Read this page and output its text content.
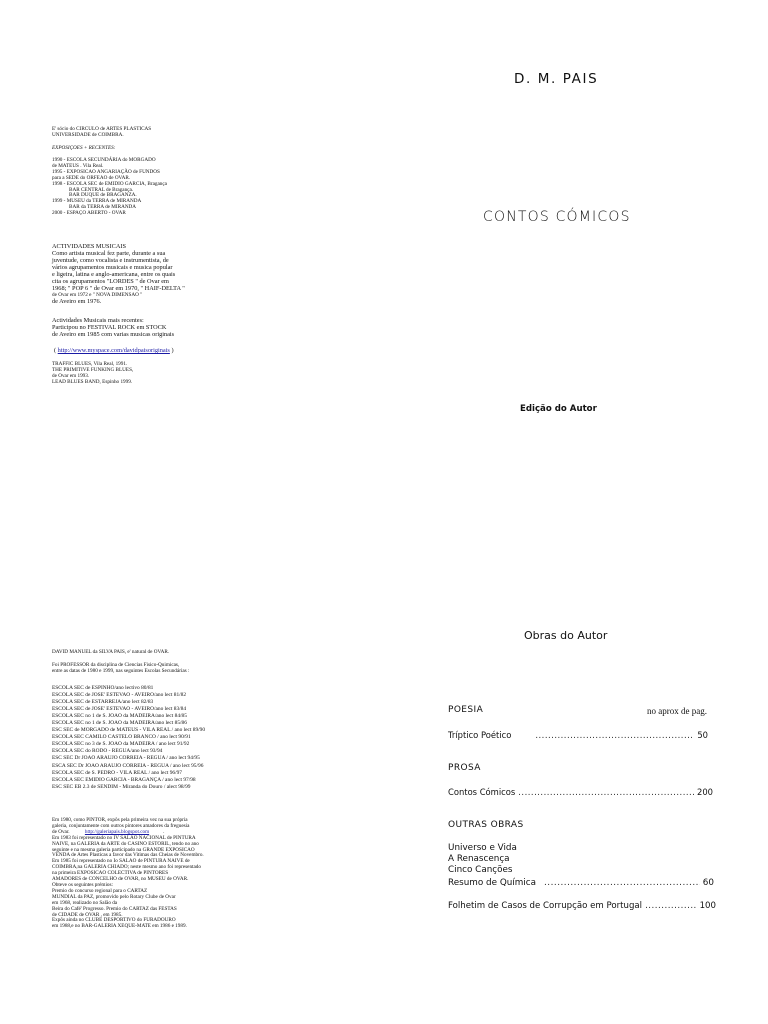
D. M. PAIS
CONTOS CÓMICOS
Edição do Autor
E' sócio do CIRCULO de ARTES PLASTICAS
UNIVERSIDADE de COIMBRA.
EXPOSIÇOES + RECENTES:
1990 - ESCOLA SECUNDÁRIA do MORGADO
de MATEUS . Vila Real.
1995 - EXPOSICAO ANGARIAÇÃO de FUNDOS
para a SEDE do ORFEAO de OVAR.
1998 - ESCOLA SEC de EMIDIO GARCIA, Bragança
BAR CENTRAL de Bragança.
BAR DUQUE de BRAGANZA.
1999 - MUSEU da TERRA de MIRANDA
BAR da TERRA de MIRANDA
2000 - ESPAÇO ABERTO - OVAR
ACTIVIDADES MUSICAIS
Como artista musical fez parte, durante a sua
juventude, como vocalista e instrumentista, de
vários agrupamentos musicais e musica popular
e ligeira, latina e anglo-americana, entre os quais
cita os agrupamentos "LORDES " de Ovar em
1968; " POP 6 " de Ovar em 1970, " HAIF-DELTA "
de Ovar em 1972 e " NOVA DIMENSAO "
de Aveiro em 1976.
Actividades Musicais mais recentes:
Participou no FESTIVAL ROCK em STOCK
de Aveiro em 1985 com varias musicas originais
( http://www.myspace.com/davidpaisoriginais )
TRAFFIC BLUES, Vila Real, 1991.
THE PRIMITIVE FUNKING BLUES,
de Ovar em 1993.
LEAD BLUES BAND, Espinho 1999.
DAVID MANUEL da SILVA PAIS, e' natural de OVAR.
Foi PROFESSOR da disciplina de Ciencias Fisico-Quimicas,
entre as datas de 1980 e 1999, nas seguintes Escolas Secundárias :
ESCOLA SEC de ESPINHO/ano lectivo 80/81
ESCOLA SEC de JOSE' ESTEVAO - AVEIRO/ano lect 81/82
ESCOLA SEC de ESTARREJA/ano lect 82/83
ESCOLA SEC de JOSE' ESTEVAO - AVEIRO/ano lect 83/84
ESCOLA SEC no 1 de S. JOAO da MADEIRA/ano lect 84/85
ESCOLA SEC no 1 de S. JOAO da MADEIRA/ano lect 85/86
ESC SEC de MORGADO de MATEUS - VILA REAL / ano lect 89/90
ESCOLA SEC CAMILO CASTELO BRANCO / ano lect 90/91
ESCOLA SEC no 3 de S. JOAO da MADEIRA / ano lect 91/92
ESCOLA SEC do RODO - REGUA/ano lect 93/94
ESC SEC Dr JOAO ARAUJO CORREIA - REGUA / ano lect 94/95
ESCA SEC Dr JOAO ARAUJO CORREIA - REGUA / ano lect 95/96
ESCOLA SEC de S. PEDRO - VILA REAL / ano lect 96/97
ESCOLA SEC EMIDIO GARCIA - BRAGANÇA / ano lect 97/98
ESC SEC EB 2.3 de SENDIM - Miranda do Douro / alect 98/99
Em 1980, como PINTOR, expôs pela primeira vez na sua própria
galeria, conjuntamente com outros pintores amadores da freguesia
de Ovar.	http://galeriapais.blogspot.com	.
Em 1983 foi representado no IV SALAO NACIONAL de PINTURA
NAIVE, na GALERIA da ARTE do CASINO ESTORIL, tendo no ano
seguinte e na mesma galeria participado na GRANDE EXPOSICAO
VENDA de Artes Plasticas a favor das Vitimas das Cheias de Novembro.
Em 1985 foi representado no Io SALAO de PINTURA NAIVE de
COIMBRA,na GALERIA CHIADO; neste mesmo ano foi representado
na primeira EXPOSICAO COLECTIVA de PINTORES
AMADORES de CONCELHO de OVAR, no MUSEU de OVAR.
Obteve os seguintes prémios:
Premio do concurso regional para o CARTAZ
MUNDIAL da PAZ, promovido pelo Rotary Clube de Ovar
em 1968, realizado no Salão da
Beira do Café' Progresso. Premio do CARTAZ das FESTAS
de CIDADE de OVAR , em 1985.
Expôs ainda no CLUBE DESPORTIVO do FURADOURO
em 1988,e no BAR-GALERIA XEQUE-MATE em 1986 e 1989.
Obras do Autor
POESIA	no aprox de pag.
Tríptico Poético .....	50
PROSA
Contos Cómicos .....	200
OUTRAS OBRAS
Universo e Vida
A Renascença
Cinco Canções
Resumo de Química .....	60
Folhetim de Casos de Corrupção em Portugal .....	100
